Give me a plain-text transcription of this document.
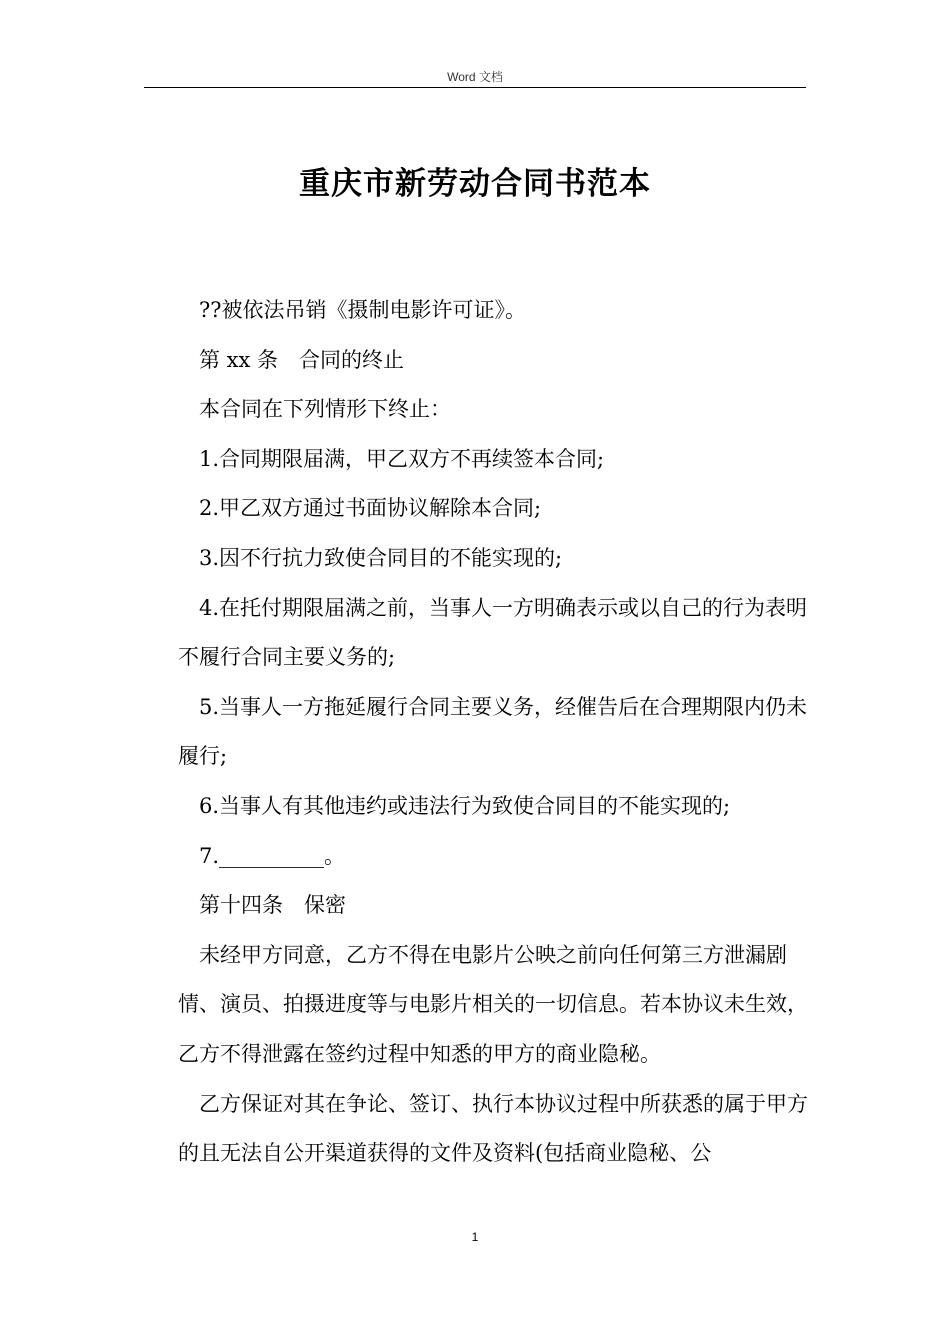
Word 文档
重庆市新劳动合同书范本

??被依法吊销《摄制电影许可证》。

第 xx 条　合同的终止

本合同在下列情形下终止：

1.合同期限届满，甲乙双方不再续签本合同;

2.甲乙双方通过书面协议解除本合同;

3.因不行抗力致使合同目的不能实现的;

4.在托付期限届满之前，当事人一方明确表示或以自己的行为表明不履行合同主要义务的;

5.当事人一方拖延履行合同主要义务，经催告后在合理期限内仍未履行;

6.当事人有其他违约或违法行为致使合同目的不能实现的;

7.__________。

第十四条　保密

未经甲方同意，乙方不得在电影片公映之前向任何第三方泄漏剧情、演员、拍摄进度等与电影片相关的一切信息。若本协议未生效，乙方不得泄露在签约过程中知悉的甲方的商业隐秘。

乙方保证对其在争论、签订、执行本协议过程中所获悉的属于甲方的且无法自公开渠道获得的文件及资料(包括商业隐秘、公

1
